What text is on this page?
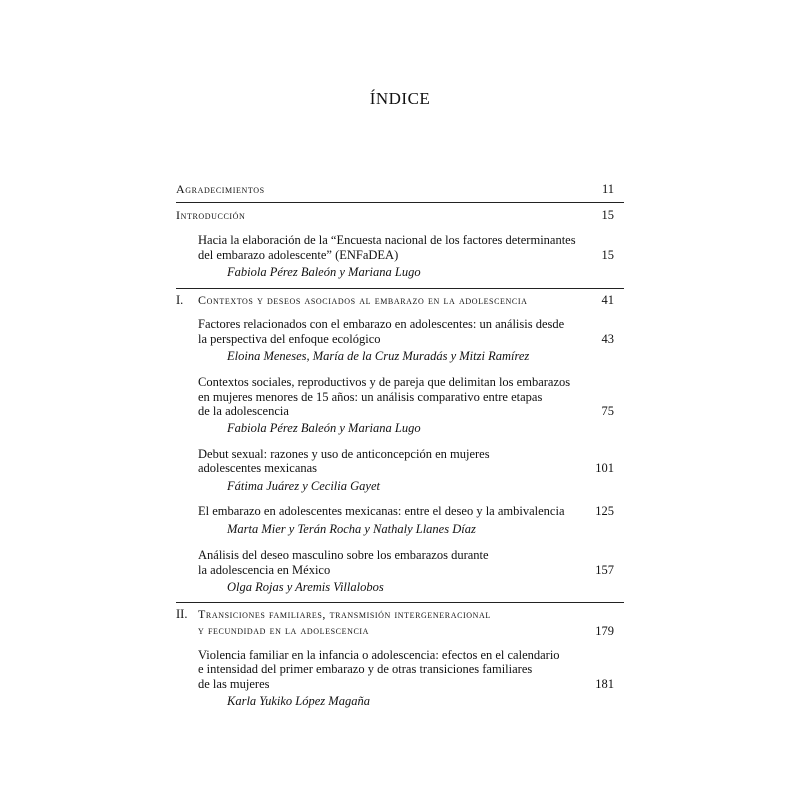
ÍNDICE
Agradecimientos	11
Introducción	15
Hacia la elaboración de la “Encuesta nacional de los factores determinantes
del embarazo adolescente” (ENFaDEA)	15
Fabiola Pérez Baleón y Mariana Lugo
I. Contextos y deseos asociados al embarazo en la adolescencia	41
Factores relacionados con el embarazo en adolescentes: un análisis desde
la perspectiva del enfoque ecológico	43
Eloina Meneses, María de la Cruz Muradás y Mitzi Ramírez
Contextos sociales, reproductivos y de pareja que delimitan los embarazos
en mujeres menores de 15 años: un análisis comparativo entre etapas
de la adolescencia	75
Fabiola Pérez Baleón y Mariana Lugo
Debut sexual: razones y uso de anticoncepción en mujeres
adolescentes mexicanas	101
Fátima Juárez y Cecilia Gayet
El embarazo en adolescentes mexicanas: entre el deseo y la ambivalencia 125
Marta Mier y Terán Rocha y Nathaly Llanes Díaz
Análisis del deseo masculino sobre los embarazos durante
la adolescencia en México	157
Olga Rojas y Aremis Villalobos
II. Transiciones familiares, transmisión intergeneracional
y fecundidad en la adolescencia	179
Violencia familiar en la infancia o adolescencia: efectos en el calendario
e intensidad del primer embarazo y de otras transiciones familiares
de las mujeres	181
Karla Yukiko López Magaña
